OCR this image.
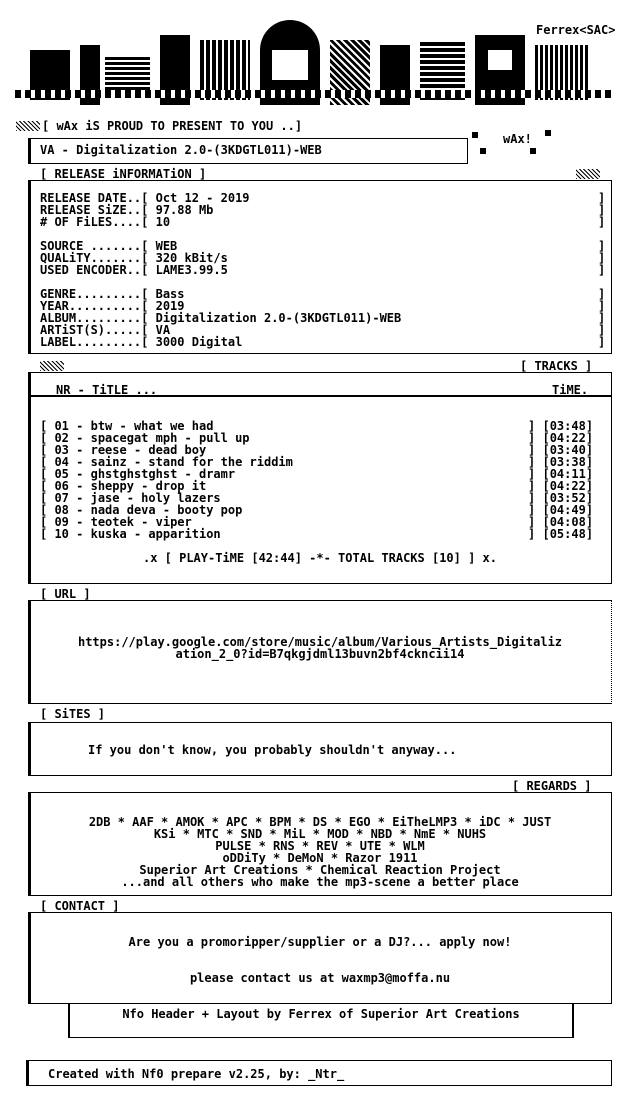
Ferrex<SAC>
[ wAx iS PROUD TO PRESENT TO YOU ..]
wAx!
VA - Digitalization 2.0-(3KDGTL011)-WEB
[ RELEASE iNFORMATiON ]
RELEASE DATE..[ Oct 12 - 2019
RELEASE SiZE..[ 97.88 Mb
# OF FiLES....[ 10
SOURCE .......[ WEB
QUALiTY.......[ 320 kBit/s
USED ENCODER..[ LAME3.99.5
GENRE.........[ Bass
YEAR..........[ 2019
ALBUM.........[ Digitalization 2.0-(3KDGTL011)-WEB
ARTiST(S).....[ VA
LABEL.........[ 3000 Digital
]
]
]

]
]
]

]
]
]
]
]
[ TRACKS ]
NR - TiTLE ...	TiME.
[ 01 - btw - what we had	] [03:48]
[ 02 - spacegat mph - pull up	] [04:22]
[ 03 - reese - dead boy	] [03:40]
[ 04 - sainz - stand for the riddim	] [03:38]
[ 05 - ghstghstghst - dramr	] [04:11]
[ 06 - sheppy - drop it	] [04:22]
[ 07 - jase - holy lazers	] [03:52]
[ 08 - nada deva - booty pop	] [04:49]
[ 09 - teotek - viper	] [04:08]
[ 10 - kuska - apparition	] [05:48]
.x [ PLAY-TiME [42:44] -*- TOTAL TRACKS [10] ] x.
[ URL ]
https://play.google.com/store/music/album/Various_Artists_Digitaliz
ation_2_0?id=B7qkgjdml13buvn2bf4ckncii14
[ SiTES ]
If you don't know, you probably shouldn't anyway...
[ REGARDS ]
2DB * AAF * AMOK * APC * BPM * DS * EGO * EiTheLMP3 * iDC * JUST
KSi * MTC * SND * MiL * MOD * NBD * NmE * NUHS
PULSE * RNS * REV * UTE * WLM
oDDiTy * DeMoN * Razor 1911
Superior Art Creations * Chemical Reaction Project
...and all others who make the mp3-scene a better place
[ CONTACT ]
Are you a promoripper/supplier or a DJ?... apply now!
please contact us at waxmp3@moffa.nu
Nfo Header + Layout by Ferrex of Superior Art Creations
Created with Nf0 prepare v2.25, by: _Ntr_
